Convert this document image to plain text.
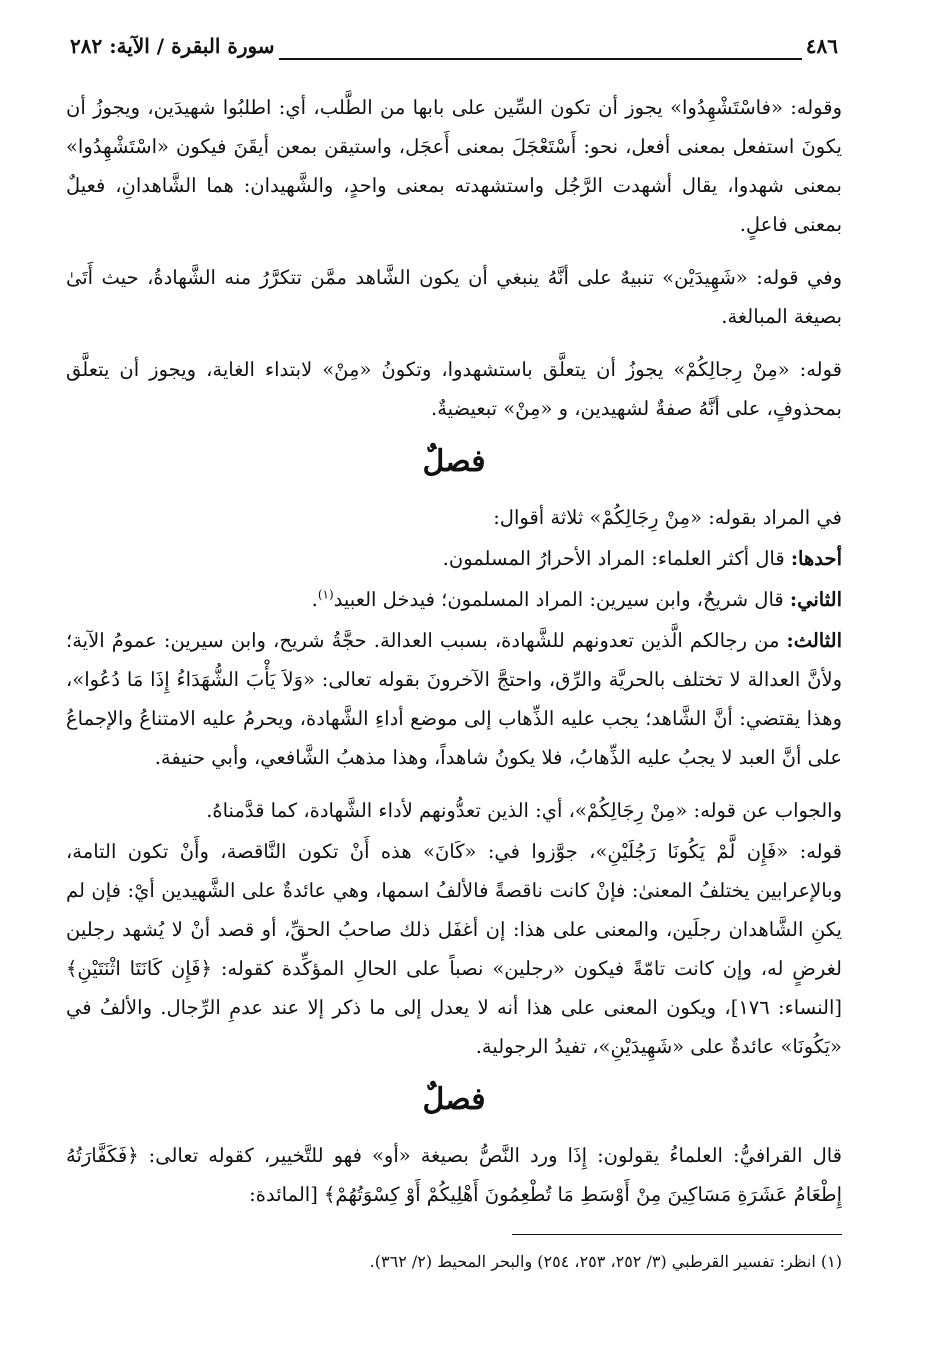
٤٨٦
سورة البقرة / الآية: ٢٨٢

وقوله: «فاسْتَشْهِدُوا» يجوز أن تكون السِّين على بابها من الطَّلب، أي: اطلبُوا شهيدَين، ويجوزُ أن يكونَ استفعل بمعنى أفعل، نحو: أَسْتَعْجَلَ بمعنى أَعجَل، واستيقن بمعن أيقَنَ فيكون «اسْتَشْهِدُوا» بمعنى شهدوا، يقال أشهدت الرَّجُل واستشهدته بمعنى واحدٍ، والشَّهيدان: هما الشَّاهدانِ، فعيلٌ بمعنى فاعلٍ.

وفي قوله: «شَهِيدَيْن» تنبيهٌ على أنَّهُ ينبغي أن يكون الشَّاهد ممَّن تتكرَّرُ منه الشَّهادةُ، حيث أَتَىٰ بصيغة المبالغة.

قوله: «مِنْ رِجالِكُمْ» يجوزُ أن يتعلَّق باستشهدوا، وتكونُ «مِنْ» لابتداء الغاية، ويجوز أن يتعلَّق بمحذوفٍ، على أنَّهُ صفةٌ لشهيدين، و «مِنْ» تبعيضيةٌ.

فصلٌ

في المراد بقوله: «مِنْ رِجَالِكُمْ» ثلاثة أقوال:

أحدها: قال أكثر العلماء: المراد الأحرارُ المسلمون.

الثاني: قال شريحٌ، وابن سيرين: المراد المسلمون؛ فيدخل العبيد$^{(١)}$.

الثالث: من رجالكم الَّذين تعدونهم للشَّهادة، بسبب العدالة. حجَّةُ شريح، وابن سيرين: عمومُ الآية؛ ولأنَّ العدالة لا تختلف بالحريَّة والرِّق، واحتجَّ الآخرونَ بقوله تعالى: «وَلاَ يَأْبَ الشُّهَدَاءُ إِذَا مَا دُعُوا»، وهذا يقتضي: أنَّ الشَّاهد؛ يجب عليه الذِّهاب إلى موضع أداءِ الشَّهادة، ويحرمُ عليه الامتناعُ والإجماعُ على أنَّ العبد لا يجبُ عليه الذِّهابُ، فلا يكونُ شاهداً، وهذا مذهبُ الشَّافعي، وأبي حنيفة.

والجواب عن قوله: «مِنْ رِجَالِكُمْ»، أي: الذين تعدُّونهم لأداء الشَّهادة، كما قدَّمناهُ.

قوله: «فَإِن لَّمْ يَكُونَا رَجُلَيْنِ»، جوَّزوا في: «كَانَ» هذه أَنْ تكون النَّاقصة، وأَنْ تكون التامة، وبالإعرابين يختلفُ المعنىٰ: فإنْ كانت ناقصةً فالألفُ اسمها، وهي عائدةٌ على الشَّهيدين أيْ: فإن لم يكنِ الشَّاهدان رجلَين، والمعنى على هذا: إن أغفَل ذلك صاحبُ الحقِّ، أو قصد أنْ لا يُشهد رجلين لغرضٍ له، وإن كانت تامّةً فيكون «رجلين» نصباً على الحالِ المؤكِّدة كقوله: ﴿فَإِن كَانَتَا اثْنَتَيْنِ﴾ [النساء: ١٧٦]، ويكون المعنى على هذا أنه لا يعدل إلى ما ذكر إلا عند عدمِ الرِّجال. والألفُ في «يَكُونَا» عائدةٌ على «شَهِيدَيْنِ»، تفيدُ الرجولية.

فصلٌ

قال القرافيُّ: العلماءُ يقولون: إِذَا ورد النَّصُّ بصيغة «أو» فهو للتَّخيير، كقوله تعالى: ﴿فَكَفَّارَتُهُ إِطْعَامُ عَشَرَةِ مَسَاكِينَ مِنْ أَوْسَطِ مَا تُطْعِمُونَ أَهْلِيكُمْ أَوْ كِسْوَتُهُمْ﴾ [المائدة:

(١) انظر: تفسير القرطبي (٣/ ٢٥٢، ٢٥٣، ٢٥٤) والبحر المحيط (٢/ ٣٦٢).
